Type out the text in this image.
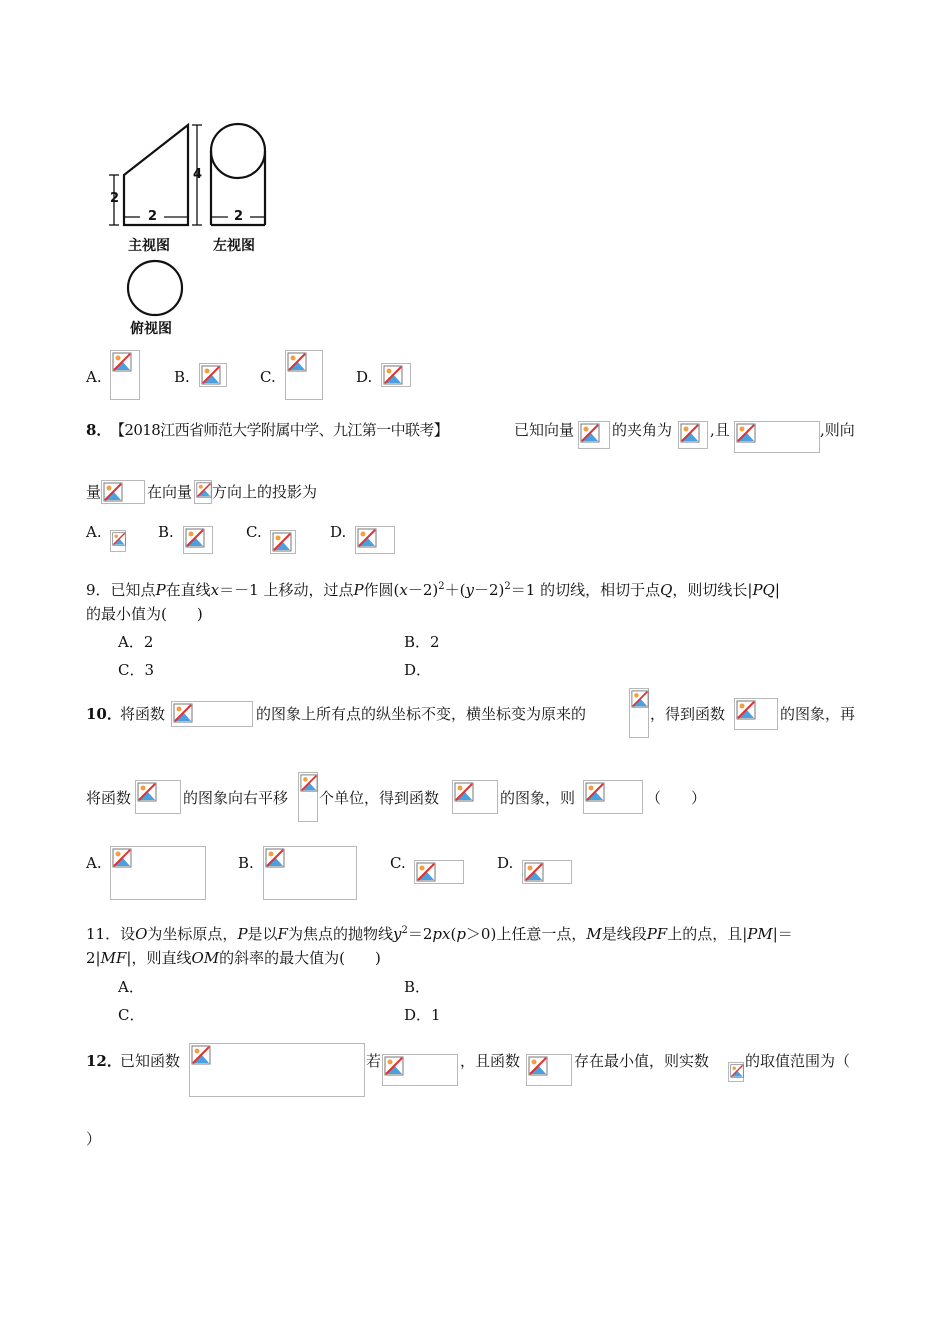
2
4
2	2
主视图	左视图
俯视图
A.	B.	C.	D.
8．
【2018江西省师范大学附属中学、九江第一中联考】	已知向量	的夹角为	,且	,则向
量	在向量 方向上的投影为
A.	B.	C.	D.
9．已知点P在直线x＝－1 上移动，过点P作圆$(x-2)^2+(y-2)^2=1$ 的切线，相切于点Q，则切线长|PQ|
的最小值为(　　)
A．2	B．2
C．3	D．
10．
将函数	的图象上所有点的纵坐标不变，横坐标变为原来的	，得到函数	的图象，再
将函数	的图象向右平移 个单位，得到函数	的图象，则	（　　）
A.	B.	C.	D.
11．设O为坐标原点，P是以F为焦点的抛物线$y^2=2px(p>0)$上任意一点，M是线段PF上的点，且|PM|＝
2|MF|，则直线OM的斜率的最大值为(　　)
A．	B．
C．	D．1
12．
已知函数	若	，且函数	存在最小值，则实数 的取值范围为（
）
